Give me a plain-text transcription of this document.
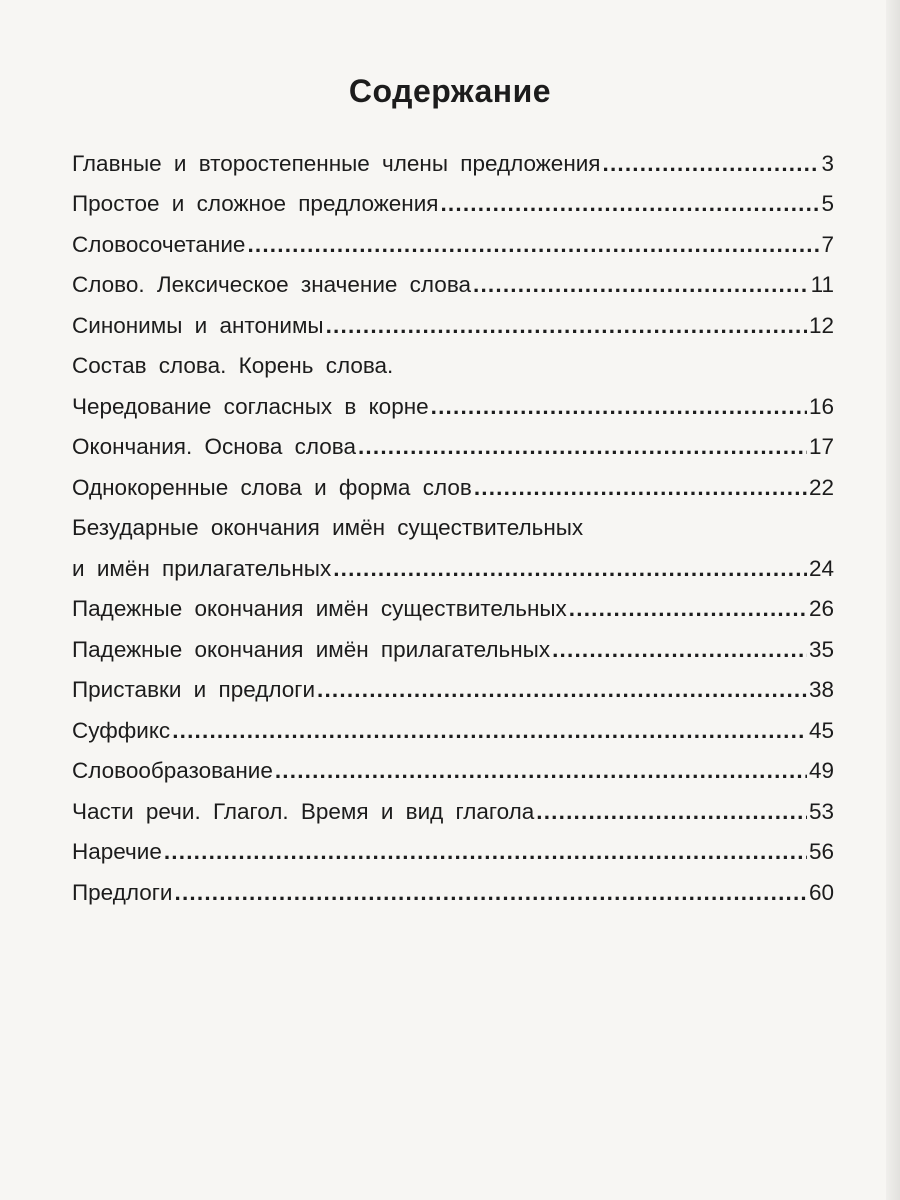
Содержание
Главные и второстепенные члены предложения .....	3
Простое и сложное предложения .....	5
Словосочетание .....	7
Слово. Лексическое значение слова .....	11
Синонимы и антонимы .....	12
Состав слова. Корень слова.
Чередование согласных в корне .....	16
Окончания. Основа слова .....	17
Однокоренные слова и форма слов .....	22
Безударные окончания имён существительных
и имён прилагательных .....	24
Падежные окончания имён существительных .....	26
Падежные окончания имён прилагательных .....	35
Приставки и предлоги .....	38
Суффикс .....	45
Словообразование .....	49
Части речи. Глагол. Время и вид глагола .....	53
Наречие .....	56
Предлоги .....	60
